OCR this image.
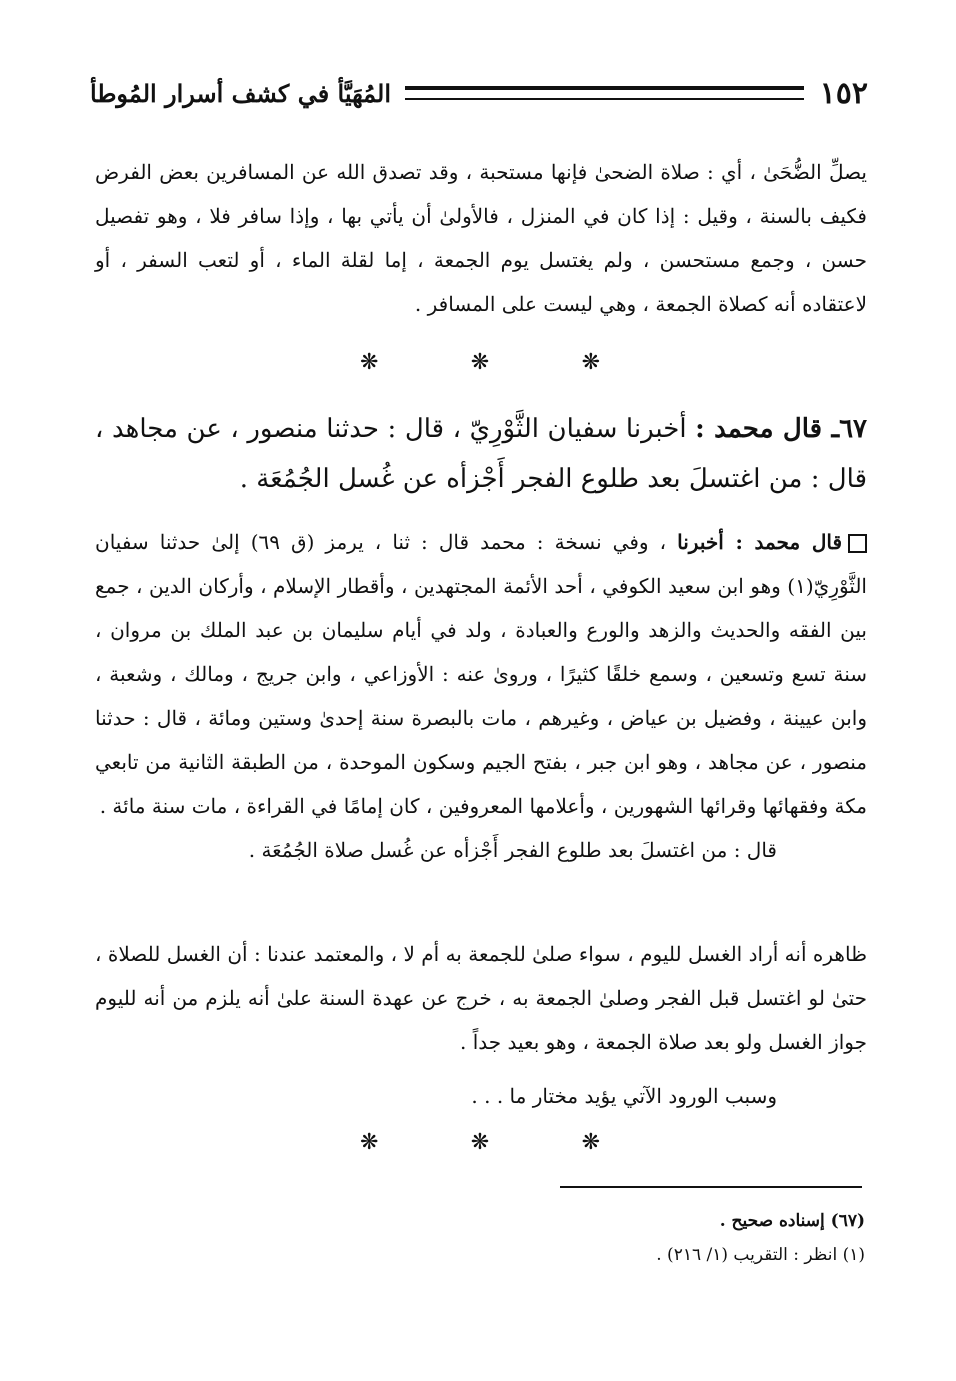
١٥٢
المُهَيَّأ في كشف أسرار المُوطأ

يصلِّ الضُّحَىٰ ، أي : صلاة الضحىٰ فإنها مستحبة ، وقد تصدق الله عن المسافرين بعض الفرض فكيف بالسنة ، وقيل : إذا كان في المنزل ، فالأولىٰ أن يأتي بها ، وإذا سافر فلا ، وهو تفصيل حسن ، وجمع مستحسن ، ولم يغتسل يوم الجمعة ، إما لقلة الماء ، أو لتعب السفر ، أو لاعتقاده أنه كصلاة الجمعة ، وهي ليست على المسافر .

❋	❋	❋

٦٧ـ قال محمد : أخبرنا سفيان الثَّوْرِيّ ، قال : حدثنا منصور ، عن مجاهد ، قال : من اغتسلَ بعد طلوع الفجر أَجْزأه عن غُسل الجُمُعَة .

قال محمد : أخبرنا ، وفي نسخة : محمد قال : ثنا ، يرمز (ق ٦٩) إلىٰ حدثنا سفيان الثَّوْرِيّ(١) وهو ابن سعيد الكوفي ، أحد الأئمة المجتهدين ، وأقطار الإسلام ، وأركان الدين ، جمع بين الفقه والحديث والزهد والورع والعبادة ، ولد في أيام سليمان بن عبد الملك بن مروان ، سنة تسع وتسعين ، وسمع خلقًا كثيرًا ، وروىٰ عنه : الأوزاعي ، وابن جريج ، ومالك ، وشعبة ، وابن عيينة ، وفضيل بن عياض ، وغيرهم ، مات بالبصرة سنة إحدىٰ وستين ومائة ، قال : حدثنا منصور ، عن مجاهد ، وهو ابن جبر ، بفتح الجيم وسكون الموحدة ، من الطبقة الثانية من تابعي مكة وفقهائها وقرائها الشهورين ، وأعلامها المعروفين ، كان إمامًا في القراءة ، مات سنة مائة .

قال : من اغتسلَ بعد طلوع الفجر أَجْزأه عن غُسل صلاة الجُمُعَة .

ظاهره أنه أراد الغسل لليوم ، سواء صلىٰ للجمعة به أم لا ، والمعتمد عندنا : أن الغسل للصلاة ، حتىٰ لو اغتسل قبل الفجر وصلىٰ الجمعة به ، خرج عن عهدة السنة علىٰ أنه يلزم من أنه لليوم جواز الغسل ولو بعد صلاة الجمعة ، وهو بعيد جداً .

وسبب الورود الآتي يؤيد مختار ما . . .

❋	❋	❋

(٦٧) إسناده صحيح .

(١) انظر : التقريب (١/ ٢١٦) .
